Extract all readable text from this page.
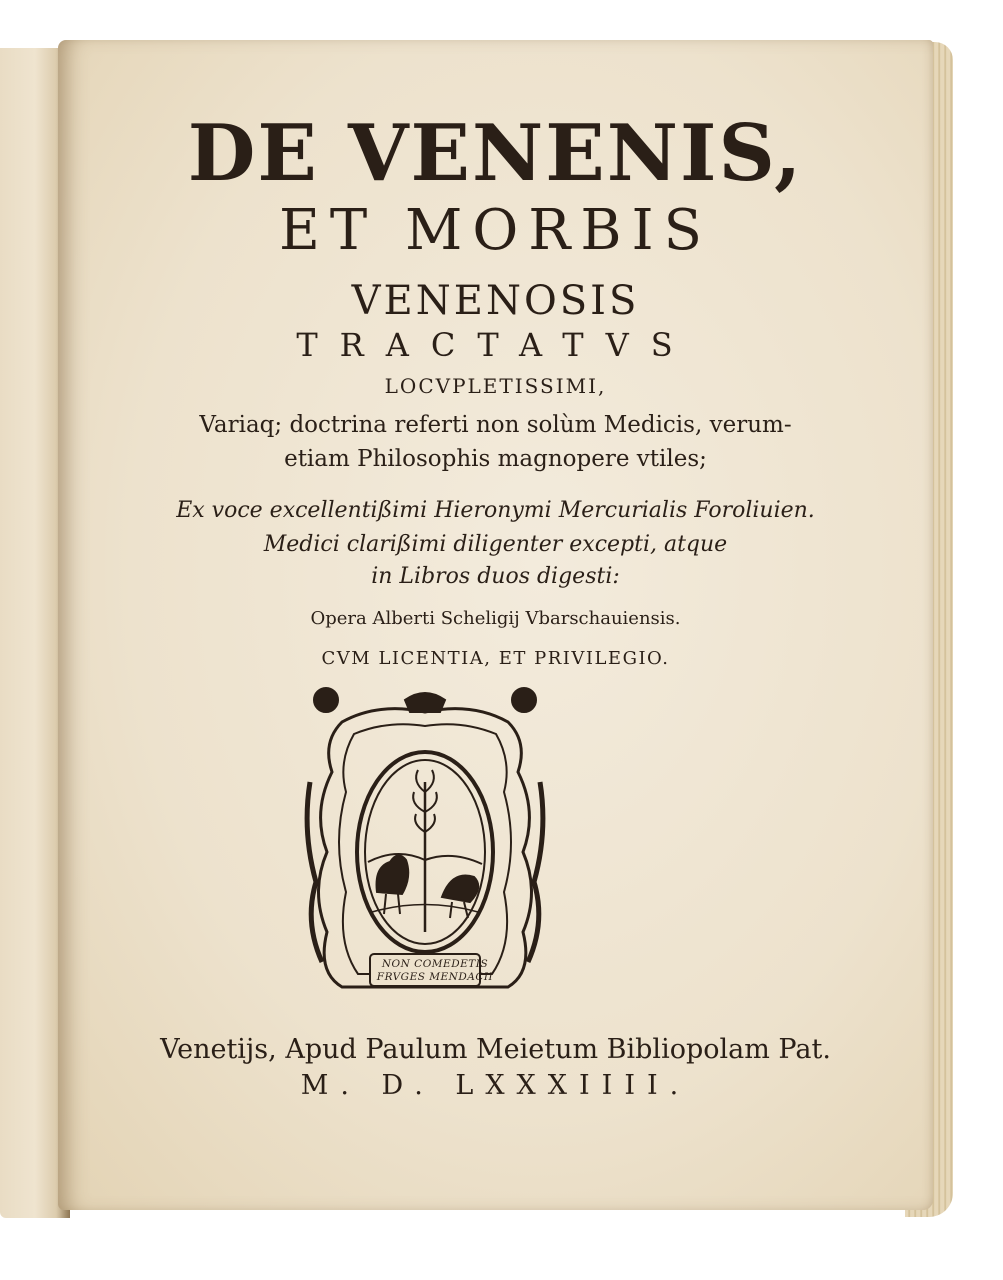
DE VENENIS,

ET MORBIS

VENENOSIS

TRACTATVS

LOCVPLETISSIMI,

Variaq; doctrina referti non solùm Medicis, verum-

etiam Philosophis magnopere vtiles;

Ex voce excellentißimi Hieronymi Mercurialis Foroliuien.

Medici clarißimi diligenter excepti, atque

in Libros duos digesti:

Opera Alberti Scheligij Vbarschauiensis.

CVM LICENTIA, ET PRIVILEGIO.

NON COMEDETIS
FRVGES MENDACII

Venetijs, Apud Paulum Meietum Bibliopolam Pat.

M. D. LXXXIIII.
